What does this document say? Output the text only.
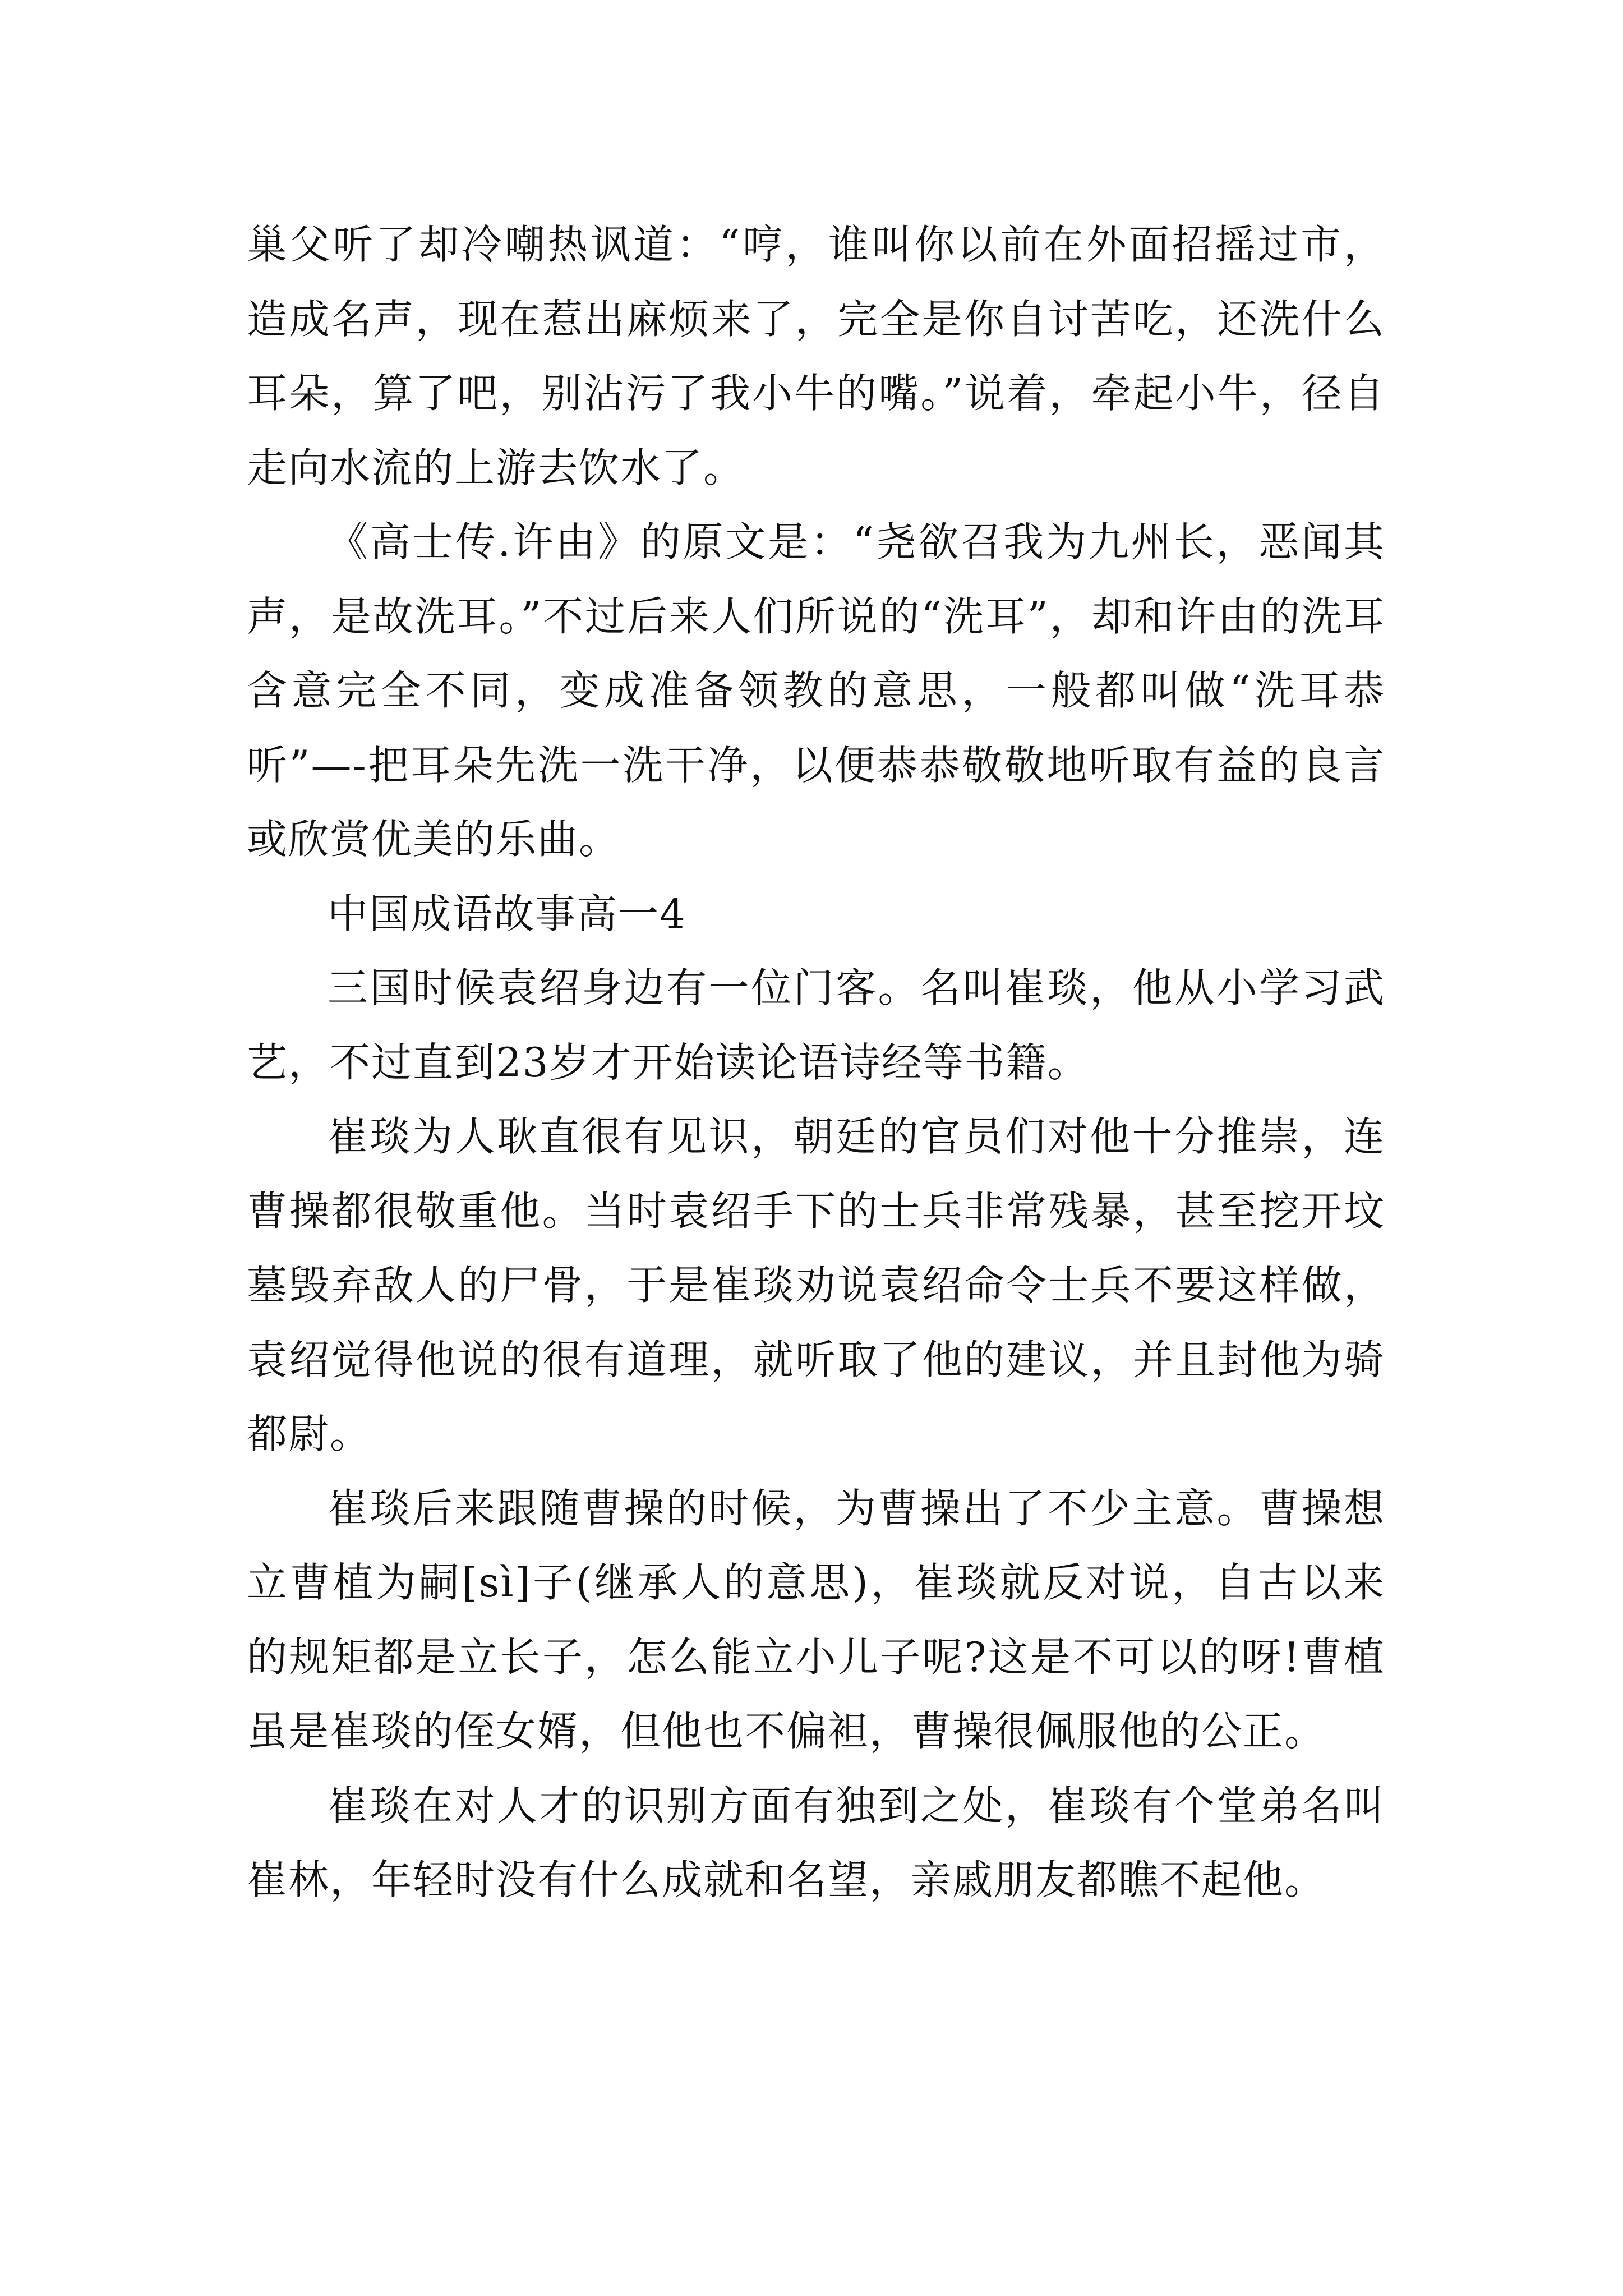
巢父听了却冷嘲热讽道：“哼，谁叫你以前在外面招摇过市，造成名声，现在惹出麻烦来了，完全是你自讨苦吃，还洗什么耳朵，算了吧，别沾污了我小牛的嘴。”说着，牵起小牛，径自走向水流的上游去饮水了。

《高士传.许由》的原文是：“尧欲召我为九州长，恶闻其声，是故洗耳。”不过后来人们所说的“洗耳”，却和许由的洗耳含意完全不同，变成准备领教的意思，一般都叫做“洗耳恭听”—-把耳朵先洗一洗干净，以便恭恭敬敬地听取有益的良言或欣赏优美的乐曲。

中国成语故事高一4

三国时候袁绍身边有一位门客。名叫崔琰，他从小学习武艺，不过直到23岁才开始读论语诗经等书籍。

崔琰为人耿直很有见识，朝廷的官员们对他十分推崇，连曹操都很敬重他。当时袁绍手下的士兵非常残暴，甚至挖开坟墓毁弃敌人的尸骨，于是崔琰劝说袁绍命令士兵不要这样做，袁绍觉得他说的很有道理，就听取了他的建议，并且封他为骑都尉。

崔琰后来跟随曹操的时候，为曹操出了不少主意。曹操想立曹植为嗣[sì]子(继承人的意思)，崔琰就反对说，自古以来的规矩都是立长子，怎么能立小儿子呢?这是不可以的呀!曹植虽是崔琰的侄女婿，但他也不偏袒，曹操很佩服他的公正。

崔琰在对人才的识别方面有独到之处，崔琰有个堂弟名叫崔林，年轻时没有什么成就和名望，亲戚朋友都瞧不起他。
